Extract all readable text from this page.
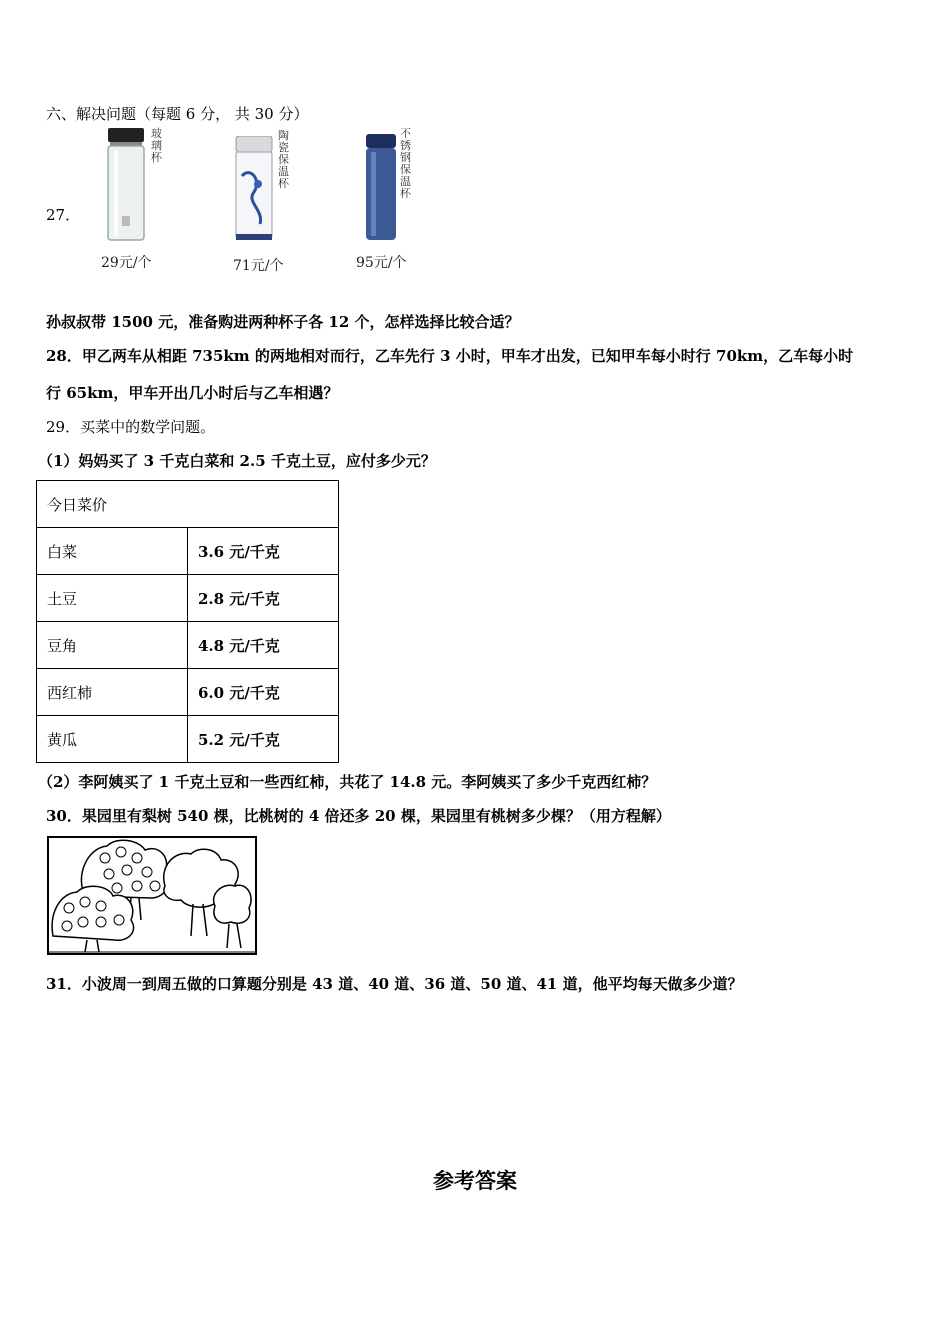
六、解决问题（每题 6 分， 共 30 分）
27．
玻璃杯
29元/个
陶瓷保温杯
71元/个
不锈钢保温杯
95元/个
孙叔叔带 1500 元，准备购进两种杯子各 12 个，怎样选择比较合适？
28．甲乙两车从相距 735km 的两地相对而行，乙车先行 3 小时，甲车才出发，已知甲车每小时行 70km，乙车每小时
行 65km，甲车开出几小时后与乙车相遇？
29．买菜中的数学问题。
（1）妈妈买了 3 千克白菜和 2.5 千克土豆，应付多少元？
今日菜价	
白菜	3.6 元/千克
土豆	2.8 元/千克
豆角	4.8 元/千克
西红柿	6.0 元/千克
黄瓜	5.2 元/千克
（2）李阿姨买了 1 千克土豆和一些西红柿，共花了 14.8 元。李阿姨买了多少千克西红柿？
30．果园里有梨树 540 棵，比桃树的 4 倍还多 20 棵，果园里有桃树多少棵？（用方程解）
31．小波周一到周五做的口算题分别是 43 道、40 道、36 道、50 道、41 道，他平均每天做多少道？
参考答案
